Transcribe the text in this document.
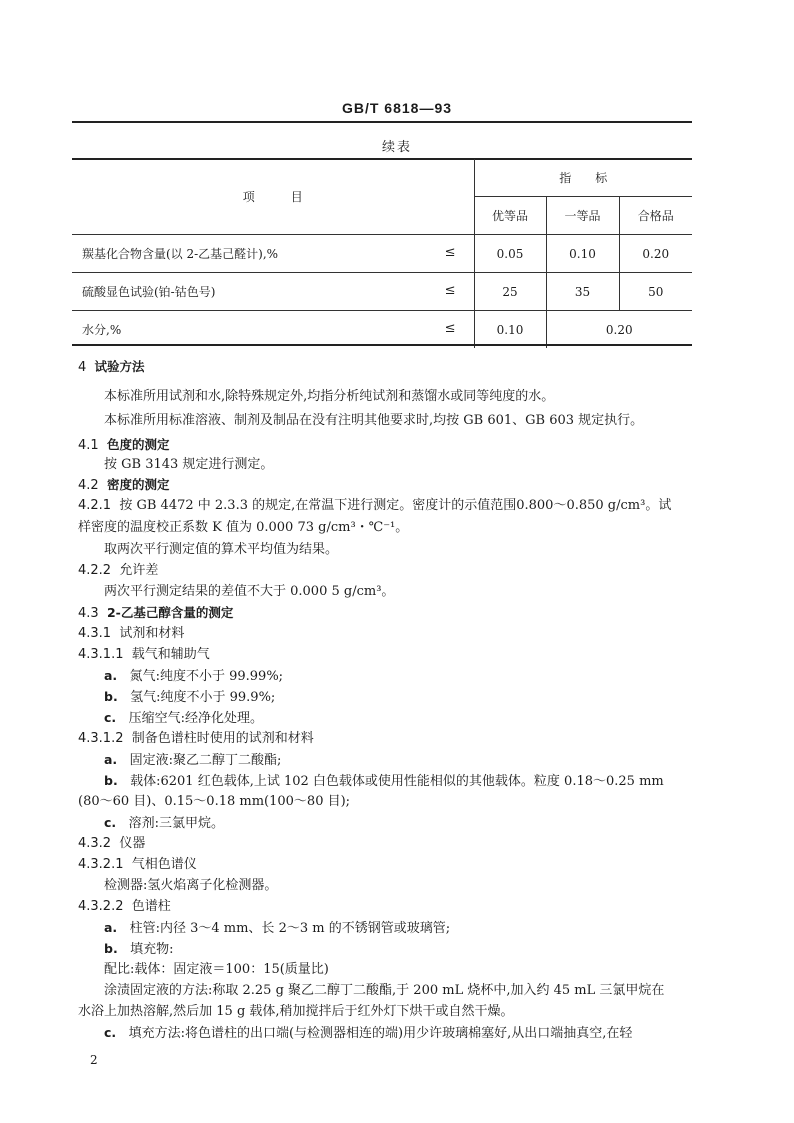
GB/T 6818—93
续表
项　　　目	指　　标		
	优等品	一等品	合格品

羰基化合物含量(以 2-乙基己醛计),% ≤	0.05	0.10	0.20

硫酸显色试验(铂-钴色号) ≤	25	35	50

水分,% ≤	0.10	0.20	
4 试验方法
本标准所用试剂和水,除特殊规定外,均指分析纯试剂和蒸馏水或同等纯度的水。
本标准所用标准溶液、制剂及制品在没有注明其他要求时,均按 GB 601、GB 603 规定执行。
4.1 色度的测定
按 GB 3143 规定进行测定。
4.2 密度的测定
4.2.1 按 GB 4472 中 2.3.3 的规定,在常温下进行测定。密度计的示值范围0.800～0.850 g/cm³。试
样密度的温度校正系数 K 值为 0.000 73 g/cm³・℃⁻¹。
取两次平行测定值的算术平均值为结果。
4.2.2 允许差
两次平行测定结果的差值不大于 0.000 5 g/cm³。
4.3 2-乙基己醇含量的测定
4.3.1 试剂和材料
4.3.1.1 载气和辅助气
a. 氮气:纯度不小于 99.99%;
b. 氢气:纯度不小于 99.9%;
c. 压缩空气:经净化处理。
4.3.1.2 制备色谱柱时使用的试剂和材料
a. 固定液:聚乙二醇丁二酸酯;
b. 载体:6201 红色载体,上试 102 白色载体或使用性能相似的其他载体。粒度 0.18～0.25 mm
(80～60 目)、0.15～0.18 mm(100～80 目);
c. 溶剂:三氯甲烷。
4.3.2 仪器
4.3.2.1 气相色谱仪
检测器:氢火焰离子化检测器。
4.3.2.2 色谱柱
a. 柱管:内径 3～4 mm、长 2～3 m 的不锈钢管或玻璃管;
b. 填充物:
配比:载体：固定液＝100：15(质量比)
涂渍固定液的方法:称取 2.25 g 聚乙二醇丁二酸酯,于 200 mL 烧杯中,加入约 45 mL 三氯甲烷在
水浴上加热溶解,然后加 15 g 载体,稍加搅拌后于红外灯下烘干或自然干燥。
c. 填充方法:将色谱柱的出口端(与检测器相连的端)用少许玻璃棉塞好,从出口端抽真空,在轻
2
